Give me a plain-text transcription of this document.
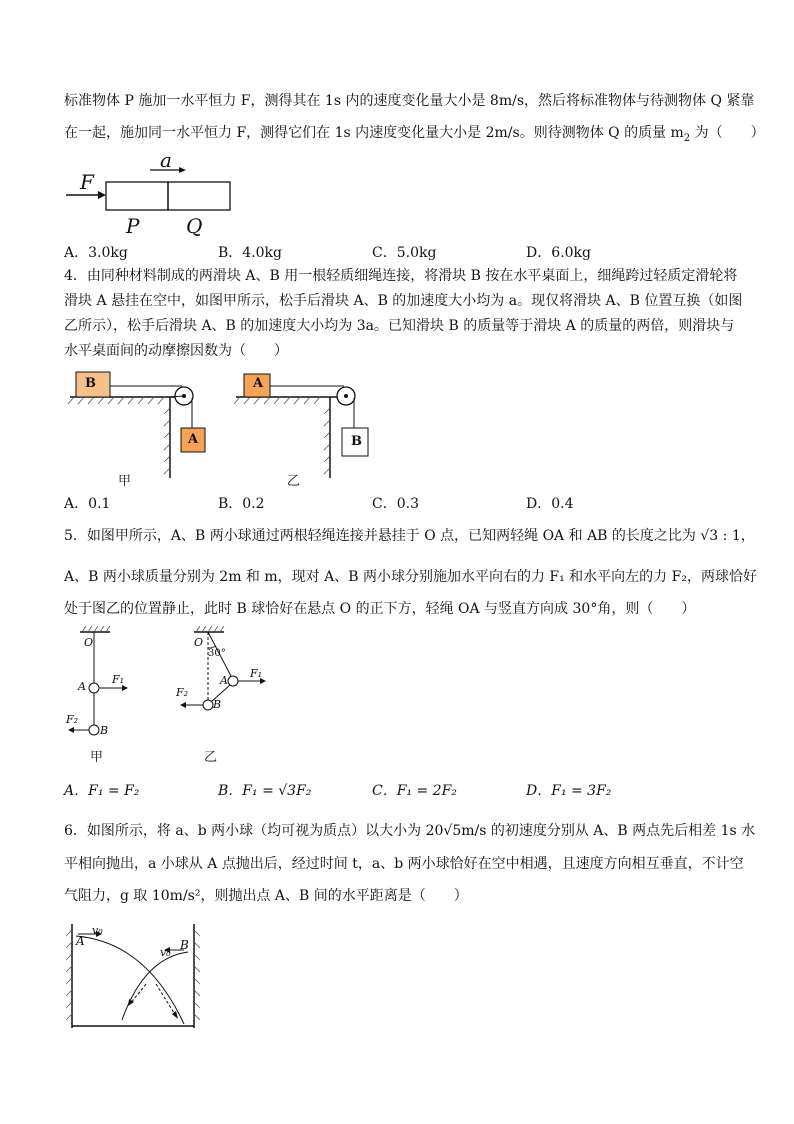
标准物体 P 施加一水平恒力 F，测得其在 1s 内的速度变化量大小是 8m/s，然后将标准物体与待测物体 Q 紧靠
在一起，施加同一水平恒力 F，测得它们在 1s 内速度变化量大小是 2m/s。则待测物体 Q 的质量 $m_2$ 为（　　）
F
a
P Q
A．3.0kg	B．4.0kg	C．5.0kg	D．6.0kg
4．由同种材料制成的两滑块 A、B 用一根轻质细绳连接，将滑块 B 按在水平桌面上，细绳跨过轻质定滑轮将
滑块 A 悬挂在空中，如图甲所示，松手后滑块 A、B 的加速度大小均为 a。现仅将滑块 A、B 位置互换（如图
乙所示），松手后滑块 A、B 的加速度大小均为 3a。已知滑块 B 的质量等于滑块 A 的质量的两倍，则滑块与
水平桌面间的动摩擦因数为（　　）
B
A
甲
A
B
乙
A．0.1	B．0.2	C．0.3	D．0.4
5．如图甲所示，A、B 两小球通过两根轻绳连接并悬挂于 O 点，已知两轻绳 OA 和 AB 的长度之比为 √3 : 1，
A、B 两小球质量分别为 2m 和 m，现对 A、B 两小球分别施加水平向右的力 F₁ 和水平向左的力 F₂，两球恰好
处于图乙的位置静止，此时 B 球恰好在悬点 O 的正下方，轻绳 OA 与竖直方向成 30°角，则（　　）
O
A
B
F₁
F₂
甲
O
30°
A
B
F₁
F₂
乙
A．F₁ = F₂	B．F₁ = √3F₂	C．F₁ = 2F₂	D．F₁ = 3F₂
6．如图所示，将 a、b 两小球（均可视为质点）以大小为 20√5m/s 的初速度分别从 A、B 两点先后相差 1s 水
平相向抛出，a 小球从 A 点抛出后，经过时间 t，a、b 两小球恰好在空中相遇，且速度方向相互垂直，不计空
气阻力，g 取 10m/s²，则抛出点 A、B 间的水平距离是（　　）
A	B
v₀
v₀
